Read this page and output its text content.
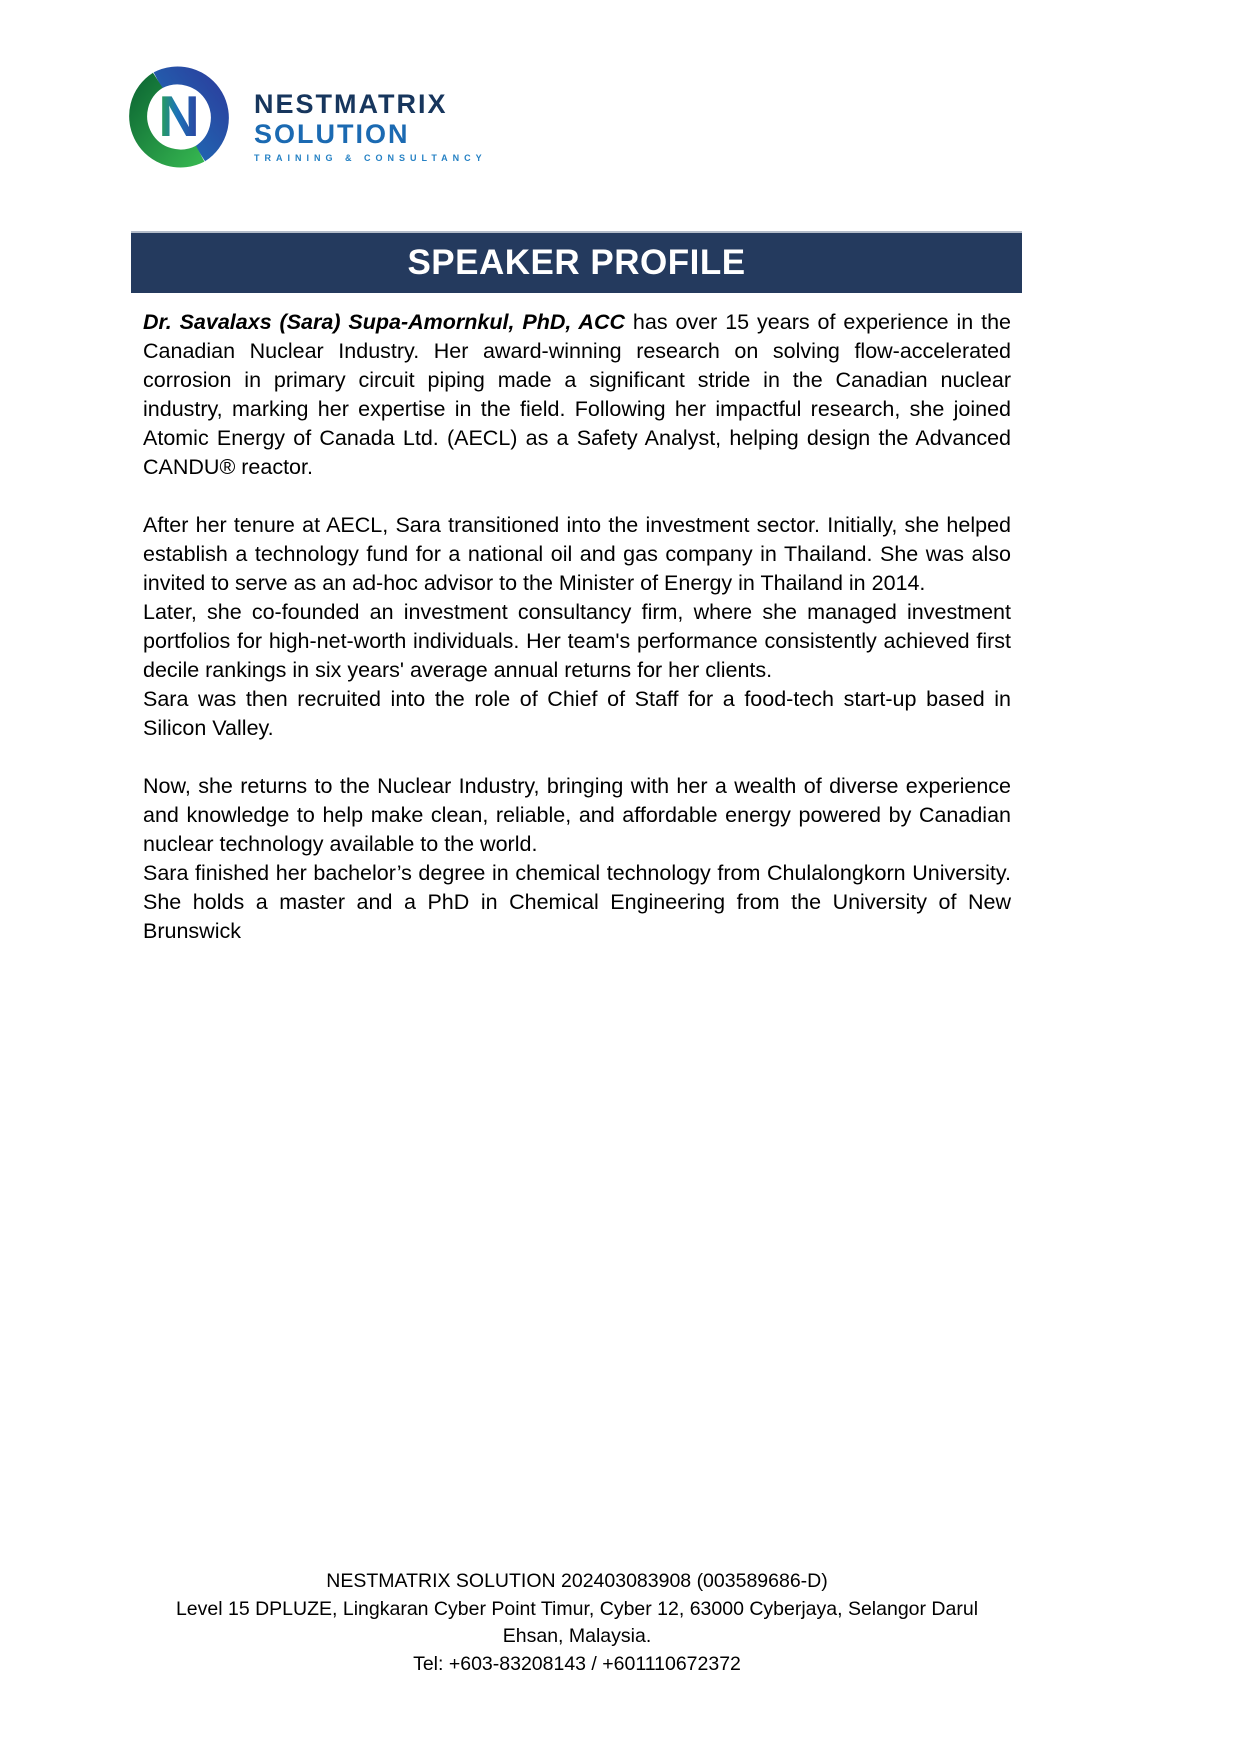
N NESTMATRIX
SOLUTION
TRAINING & CONSULTANCY
SPEAKER PROFILE

Dr. Savalaxs (Sara) Supa-Amornkul, PhD, ACC has over 15 years of experience in the Canadian Nuclear Industry. Her award-winning research on solving flow-accelerated corrosion in primary circuit piping made a significant stride in the Canadian nuclear industry, marking her expertise in the field. Following her impactful research, she joined Atomic Energy of Canada Ltd. (AECL) as a Safety Analyst, helping design the Advanced CANDU® reactor.

After her tenure at AECL, Sara transitioned into the investment sector. Initially, she helped establish a technology fund for a national oil and gas company in Thailand. She was also invited to serve as an ad-hoc advisor to the Minister of Energy in Thailand in 2014.

Later, she co-founded an investment consultancy firm, where she managed investment portfolios for high-net-worth individuals. Her team's performance consistently achieved first decile rankings in six years' average annual returns for her clients.

Sara was then recruited into the role of Chief of Staff for a food-tech start-up based in Silicon Valley.

Now, she returns to the Nuclear Industry, bringing with her a wealth of diverse experience and knowledge to help make clean, reliable, and affordable energy powered by Canadian nuclear technology available to the world.

Sara finished her bachelor’s degree in chemical technology from Chulalongkorn University. She holds a master and a PhD in Chemical Engineering from the University of New Brunswick

NESTMATRIX SOLUTION 202403083908 (003589686-D)
Level 15 DPLUZE, Lingkaran Cyber Point Timur, Cyber 12, 63000 Cyberjaya, Selangor Darul
Ehsan, Malaysia.
Tel: +603-83208143 / +601110672372
